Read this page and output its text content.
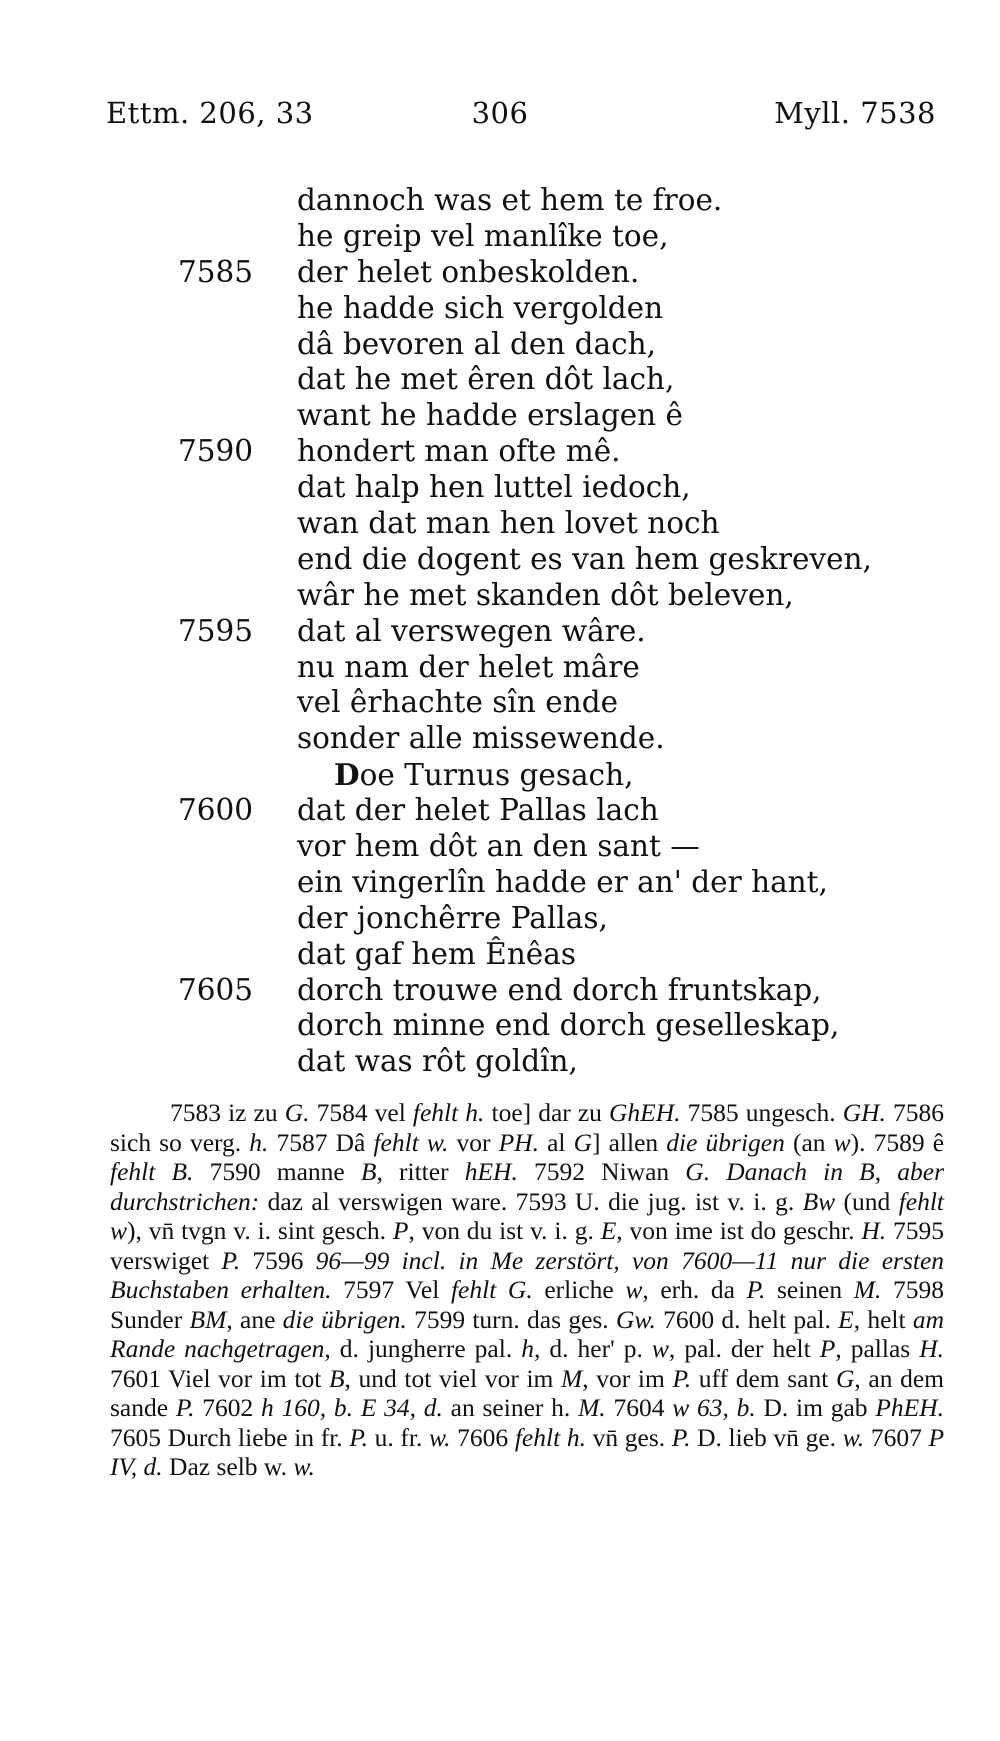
Ettm. 206, 33	306	Myll. 7538
dannoch was et hem te froe.
he greip vel manlîke toe,
7585 der helet onbeskolden.
he hadde sich vergolden
dâ bevoren al den dach,
dat he met êren dôt lach,
want he hadde erslagen ê
7590 hondert man ofte mê.
dat halp hen luttel iedoch,
wan dat man hen lovet noch
end die dogent es van hem geskreven,
wâr he met skanden dôt beleven,
7595 dat al verswegen wâre.
nu nam der helet mâre
vel êrhachte sîn ende
sonder alle missewende.
Doe Turnus gesach,
7600 dat der helet Pallas lach
vor hem dôt an den sant —
ein vingerlîn hadde er an' der hant,
der jonchêrre Pallas,
dat gaf hem Ênêas
7605 dorch trouwe end dorch fruntskap,
dorch minne end dorch geselleskap,
dat was rôt goldîn,

7583 iz zu G. 7584 vel fehlt h. toe] dar zu GhEH. 7585 ungesch. GH. 7586 sich so verg. h. 7587 Dâ fehlt w. vor PH. al G] allen die übrigen (an w). 7589 ê fehlt B. 7590 manne B, ritter hEH. 7592 Niwan G. Danach in B, aber durchstrichen: daz al verswigen ware. 7593 U. die jug. ist v. i. g. Bw (und fehlt w), vn̄ tvgn v. i. sint gesch. P, von du ist v. i. g. E, von ime ist do geschr. H. 7595 verswiget P. 7596 96—99 incl. in Me zerstört, von 7600—11 nur die ersten Buchstaben erhalten. 7597 Vel fehlt G. erliche w, erh. da P. seinen M. 7598 Sunder BM, ane die übrigen. 7599 turn. das ges. Gw. 7600 d. helt pal. E, helt am Rande nachgetragen, d. jungherre pal. h, d. her' p. w, pal. der helt P, pallas H. 7601 Viel vor im tot B, und tot viel vor im M, vor im P. uff dem sant G, an dem sande P. 7602 h 160, b. E 34, d. an seiner h. M. 7604 w 63, b. D. im gab PhEH. 7605 Durch liebe in fr. P. u. fr. w. 7606 fehlt h. vn̄ ges. P. D. lieb vn̄ ge. w. 7607 P IV, d. Daz selb w. w.
